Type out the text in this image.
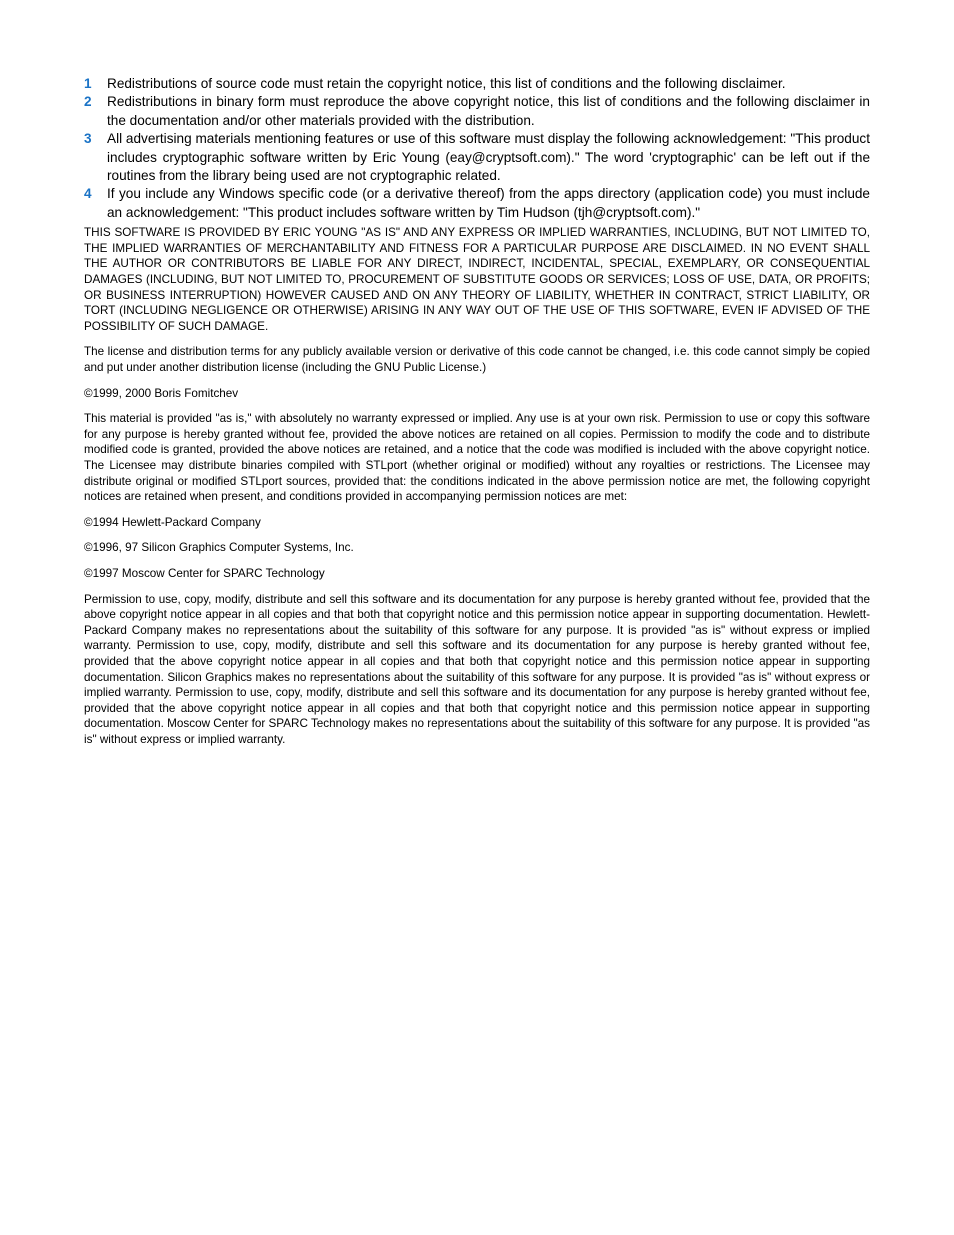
1 Redistributions of source code must retain the copyright notice, this list of conditions and the following disclaimer.
2 Redistributions in binary form must reproduce the above copyright notice, this list of conditions and the following disclaimer in the documentation and/or other materials provided with the distribution.
3 All advertising materials mentioning features or use of this software must display the following acknowledgement: "This product includes cryptographic software written by Eric Young (eay@cryptsoft.com)." The word 'cryptographic' can be left out if the routines from the library being used are not cryptographic related.
4 If you include any Windows specific code (or a derivative thereof) from the apps directory (application code) you must include an acknowledgement: "This product includes software written by Tim Hudson (tjh@cryptsoft.com)."

THIS SOFTWARE IS PROVIDED BY ERIC YOUNG "AS IS" AND ANY EXPRESS OR IMPLIED WARRANTIES, INCLUDING, BUT NOT LIMITED TO, THE IMPLIED WARRANTIES OF MERCHANTABILITY AND FITNESS FOR A PARTICULAR PURPOSE ARE DISCLAIMED. IN NO EVENT SHALL THE AUTHOR OR CONTRIBUTORS BE LIABLE FOR ANY DIRECT, INDIRECT, INCIDENTAL, SPECIAL, EXEMPLARY, OR CONSEQUENTIAL DAMAGES (INCLUDING, BUT NOT LIMITED TO, PROCUREMENT OF SUBSTITUTE GOODS OR SERVICES; LOSS OF USE, DATA, OR PROFITS; OR BUSINESS INTERRUPTION) HOWEVER CAUSED AND ON ANY THEORY OF LIABILITY, WHETHER IN CONTRACT, STRICT LIABILITY, OR TORT (INCLUDING NEGLIGENCE OR OTHERWISE) ARISING IN ANY WAY OUT OF THE USE OF THIS SOFTWARE, EVEN IF ADVISED OF THE POSSIBILITY OF SUCH DAMAGE.

The license and distribution terms for any publicly available version or derivative of this code cannot be changed, i.e. this code cannot simply be copied and put under another distribution license (including the GNU Public License.)

©1999, 2000 Boris Fomitchev

This material is provided "as is," with absolutely no warranty expressed or implied. Any use is at your own risk. Permission to use or copy this software for any purpose is hereby granted without fee, provided the above notices are retained on all copies. Permission to modify the code and to distribute modified code is granted, provided the above notices are retained, and a notice that the code was modified is included with the above copyright notice. The Licensee may distribute binaries compiled with STLport (whether original or modified) without any royalties or restrictions. The Licensee may distribute original or modified STLport sources, provided that: the conditions indicated in the above permission notice are met, the following copyright notices are retained when present, and conditions provided in accompanying permission notices are met:

©1994 Hewlett-Packard Company

©1996, 97 Silicon Graphics Computer Systems, Inc.

©1997 Moscow Center for SPARC Technology

Permission to use, copy, modify, distribute and sell this software and its documentation for any purpose is hereby granted without fee, provided that the above copyright notice appear in all copies and that both that copyright notice and this permission notice appear in supporting documentation. Hewlett-Packard Company makes no representations about the suitability of this software for any purpose. It is provided "as is" without express or implied warranty. Permission to use, copy, modify, distribute and sell this software and its documentation for any purpose is hereby granted without fee, provided that the above copyright notice appear in all copies and that both that copyright notice and this permission notice appear in supporting documentation. Silicon Graphics makes no representations about the suitability of this software for any purpose. It is provided "as is" without express or implied warranty. Permission to use, copy, modify, distribute and sell this software and its documentation for any purpose is hereby granted without fee, provided that the above copyright notice appear in all copies and that both that copyright notice and this permission notice appear in supporting documentation. Moscow Center for SPARC Technology makes no representations about the suitability of this software for any purpose. It is provided "as is" without express or implied warranty.
